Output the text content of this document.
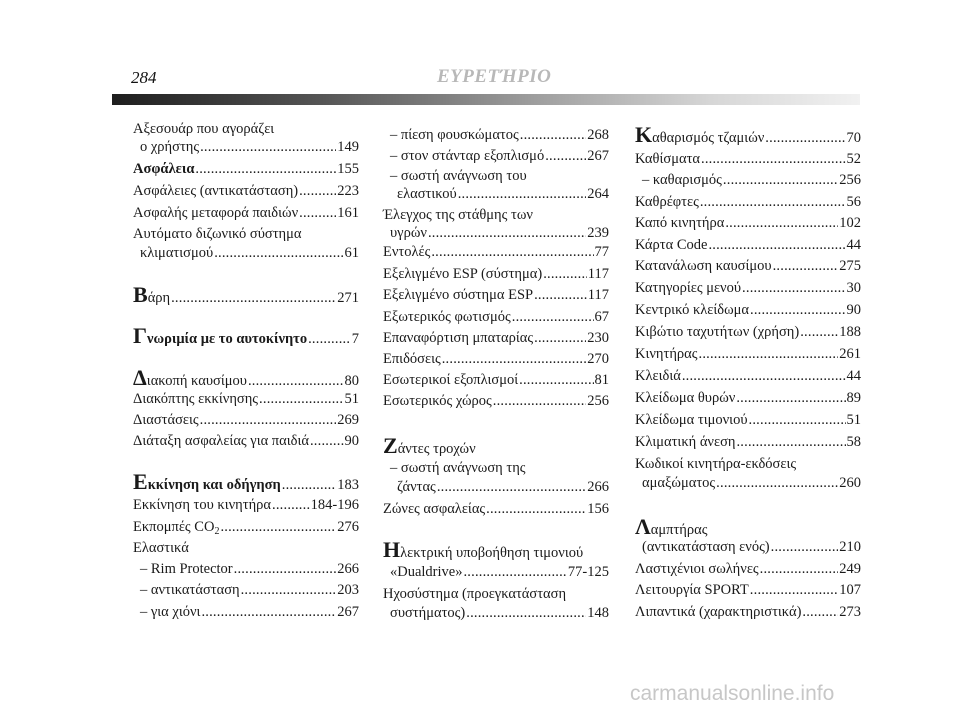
284	ΕΥΡΕΤΉΡΙΟ
Αξεσουάρ που αγοράζει
ο χρήστης .....	149
Ασφάλεια .....	155
Ασφάλειες (αντικατάσταση) .....	223
Ασφαλής μεταφορά παιδιών .....	161
Αυτόματο διζωνικό σύστημα
κλιματισμού .....	61
Βάρη .....	271
Γνωριμία με το αυτοκίνητο .....	7
Διακοπή καυσίμου .....	80
Διακόπτης εκκίνησης .....	51
Διαστάσεις .....	269
Διάταξη ασφαλείας για παιδιά ..... 90
Εκκίνηση και οδήγηση .....	183
Εκκίνηση του κινητήρα .....	184-196
Εκπομπές $CO_2$ .....	276
Ελαστικά
– Rim Protector .....	266
– αντικατάσταση .....	203
– για χιόνι .....	267
– πίεση φουσκώματος .....	268
– στον στάνταρ εξοπλισμό .....	267
– σωστή ανάγνωση του
ελαστικού .....	264
Έλεγχος της στάθμης των
υγρών .....	239
Εντολές .....	77
Εξελιγμένο ESP (σύστημα) .....	117
Εξελιγμένο σύστημα ESP .....	117
Εξωτερικός φωτισμός .....	67
Επαναφόρτιση μπαταρίας .....	230
Επιδόσεις .....	270
Εσωτερικοί εξοπλισμοί .....	81
Εσωτερικός χώρος .....	256
Ζάντες τροχών
– σωστή ανάγνωση της
ζάντας .....	266
Ζώνες ασφαλείας .....	156
Ηλεκτρική υποβοήθηση τιμονιού
«Dualdrive» .....	77-125
Ηχοσύστημα (προεγκατάσταση
συστήματος) .....	148
Καθαρισμός τζαμιών .....	70
Καθίσματα .....	52
– καθαρισμός .....	256
Καθρέφτες .....	56
Καπό κινητήρα .....	102
Κάρτα Code .....	44
Κατανάλωση καυσίμου .....	275
Κατηγορίες μενού .....	30
Κεντρικό κλείδωμα .....	90
Κιβώτιο ταχυτήτων (χρήση) .....	188
Κινητήρας .....	261
Κλειδιά .....	44
Κλείδωμα θυρών .....	89
Κλείδωμα τιμονιού .....	51
Κλιματική άνεση .....	58
Κωδικοί κινητήρα-εκδόσεις
αμαξώματος .....	260
Λαμπτήρας
(αντικατάσταση ενός) .....	210
Λαστιχένιοι σωλήνες .....	249
Λειτουργία SPORT .....	107
Λιπαντικά (χαρακτηριστικά) .....	273
carmanualsonline.info
